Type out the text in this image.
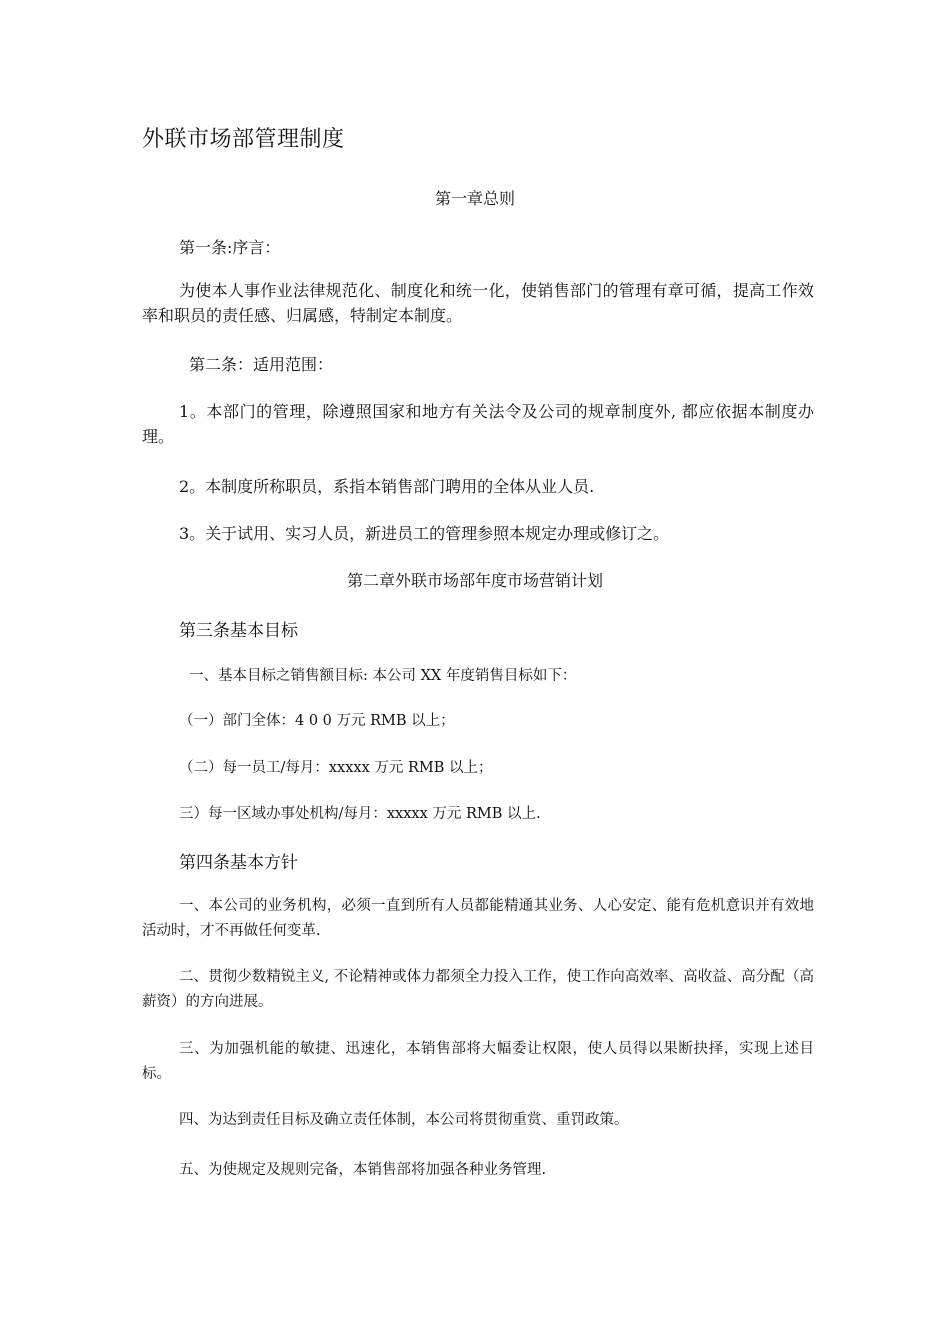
外联市场部管理制度

第一章总则

第一条:序言：

为使本人事作业法律规范化、制度化和统一化，使销售部门的管理有章可循，提高工作效率和职员的责任感、归属感，特制定本制度。

第二条：适用范围：

1。本部门的管理，除遵照国家和地方有关法令及公司的规章制度外, 都应依据本制度办理。

2。本制度所称职员，系指本销售部门聘用的全体从业人员.

3。关于试用、实习人员，新进员工的管理参照本规定办理或修订之。

第二章外联市场部年度市场营销计划

第三条基本目标

一、基本目标之销售额目标: 本公司 XX 年度销售目标如下：

（一）部门全体：4 0 0 万元 RMB 以上；

（二）每一员工/每月：xxxxx 万元 RMB 以上；

三）每一区域办事处机构/每月：xxxxx 万元 RMB 以上.

第四条基本方针

一、本公司的业务机构，必须一直到所有人员都能精通其业务、人心安定、能有危机意识并有效地活动时，才不再做任何变革.

二、贯彻少数精锐主义, 不论精神或体力都须全力投入工作，使工作向高效率、高收益、高分配（高薪资）的方向进展。

三、为加强机能的敏捷、迅速化，本销售部将大幅委让权限，使人员得以果断抉择，实现上述目标。

四、为达到责任目标及确立责任体制，本公司将贯彻重赏、重罚政策。

五、为使规定及规则完备，本销售部将加强各种业务管理.
